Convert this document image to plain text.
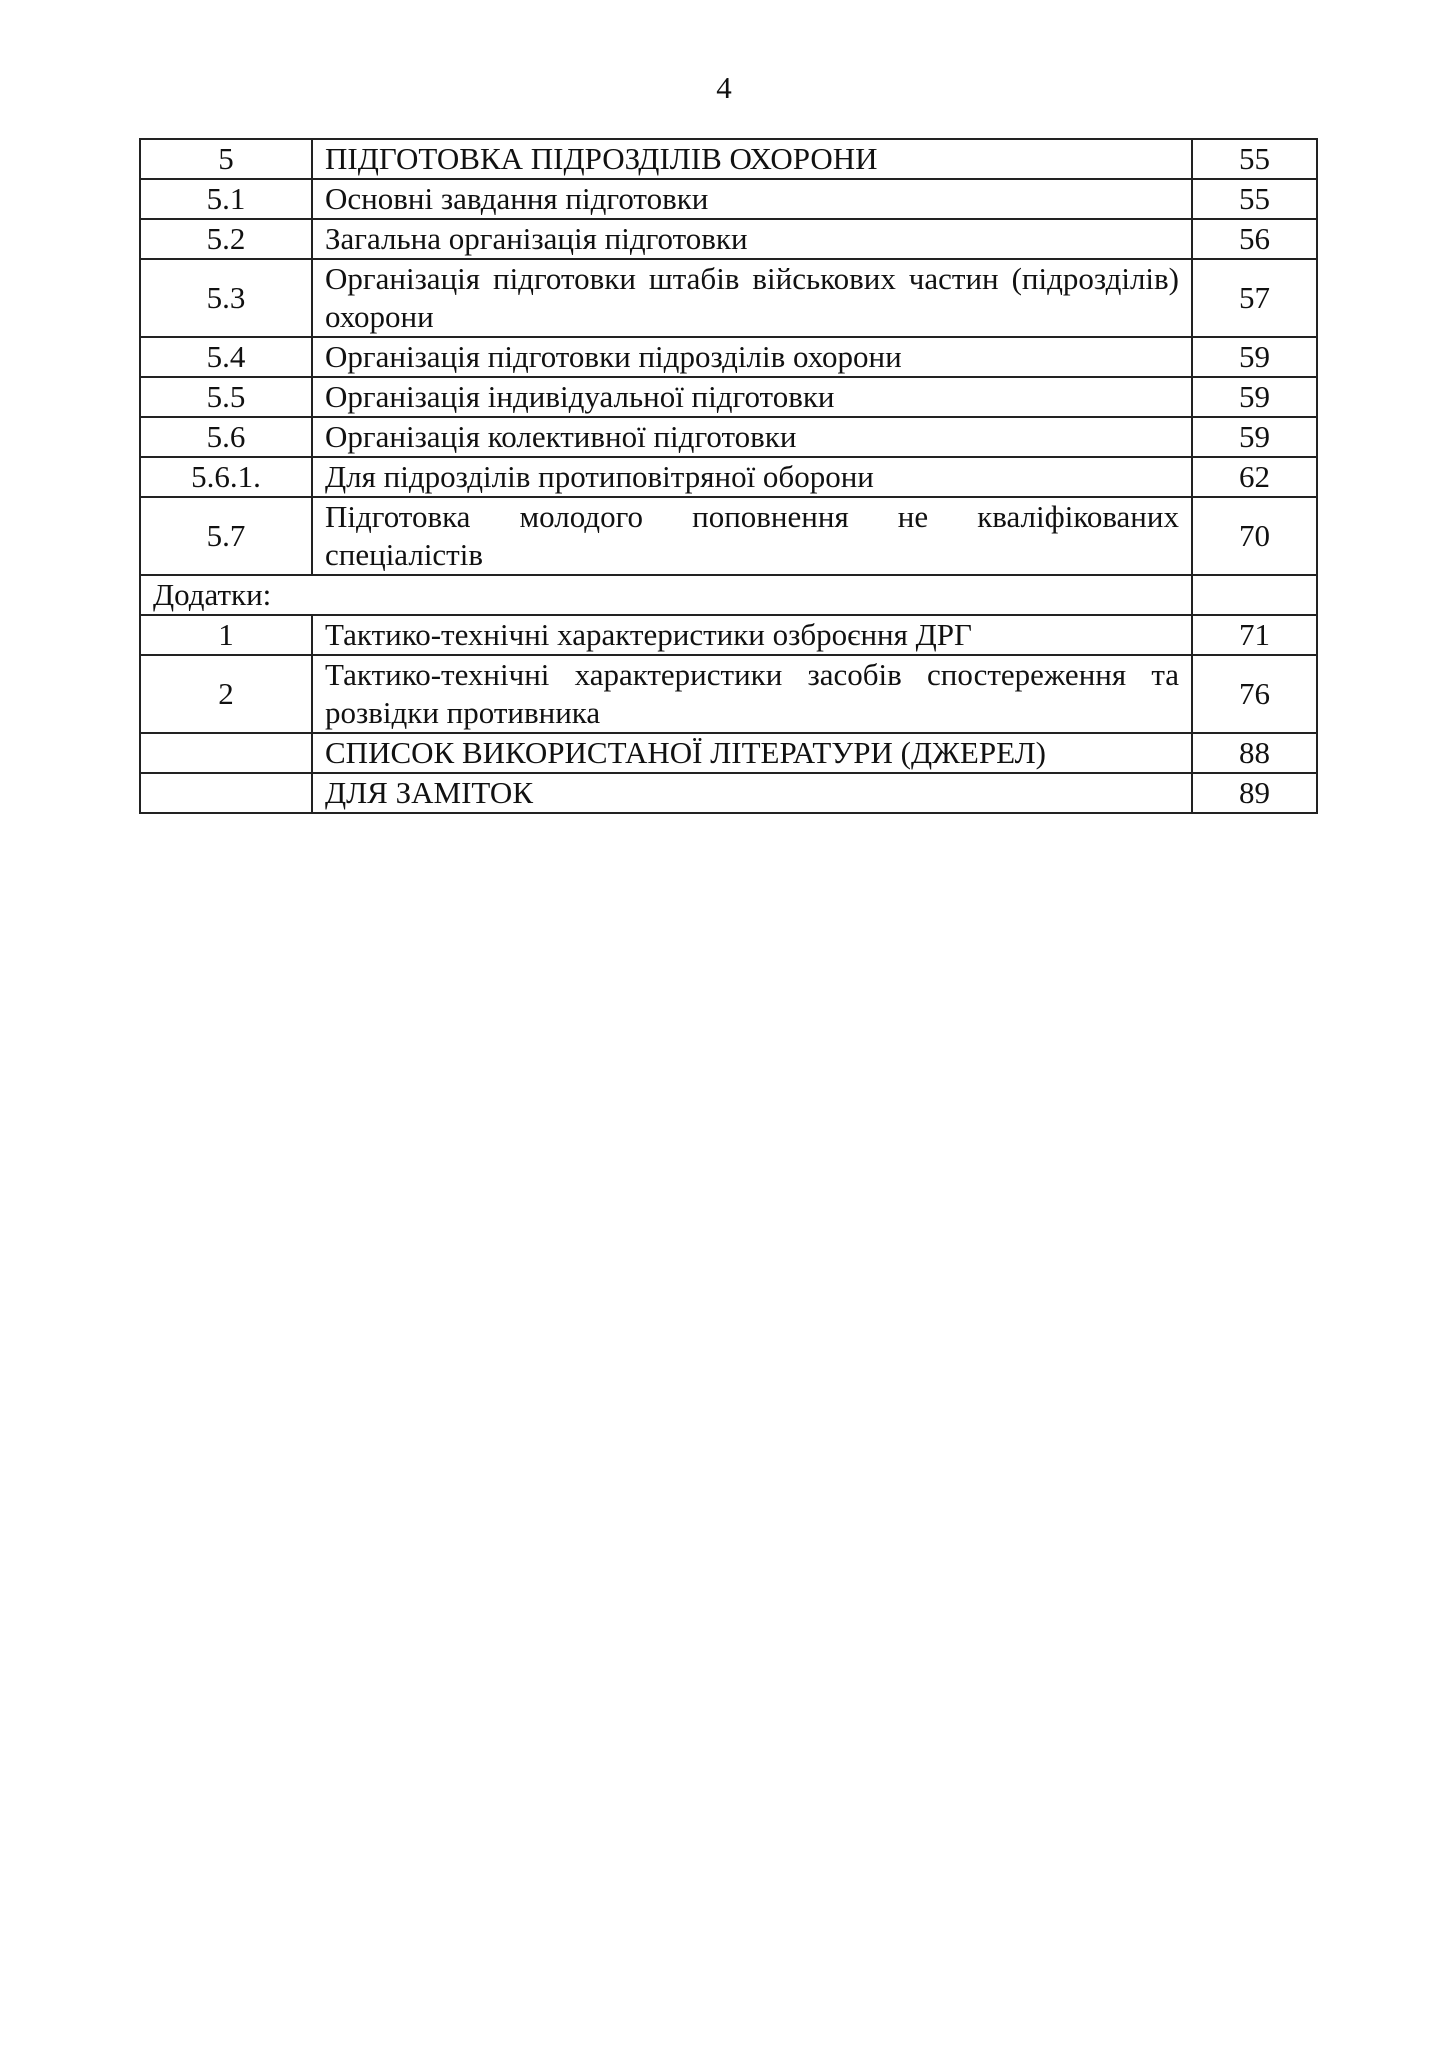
4
5	ПІДГОТОВКА ПІДРОЗДІЛІВ ОХОРОНИ	55
5.1	Основні завдання підготовки	55
5.2	Загальна організація підготовки	56
5.3	Організація підготовки штабів військових частин (підрозділів) охорони	57
5.4	Організація підготовки підрозділів охорони	59
5.5	Організація індивідуальної підготовки	59
5.6	Організація колективної підготовки	59
5.6.1.	Для підрозділів протиповітряної оборони	62
5.7	Підготовка молодого поповнення не кваліфікованих спеціалістів	70
Додатки:		
1	Тактико-технічні характеристики озброєння ДРГ	71
2	Тактико-технічні характеристики засобів спостереження та розвідки противника	76
	СПИСОК ВИКОРИСТАНОЇ ЛІТЕРАТУРИ (ДЖЕРЕЛ)	88
	ДЛЯ ЗАМІТОК	89
